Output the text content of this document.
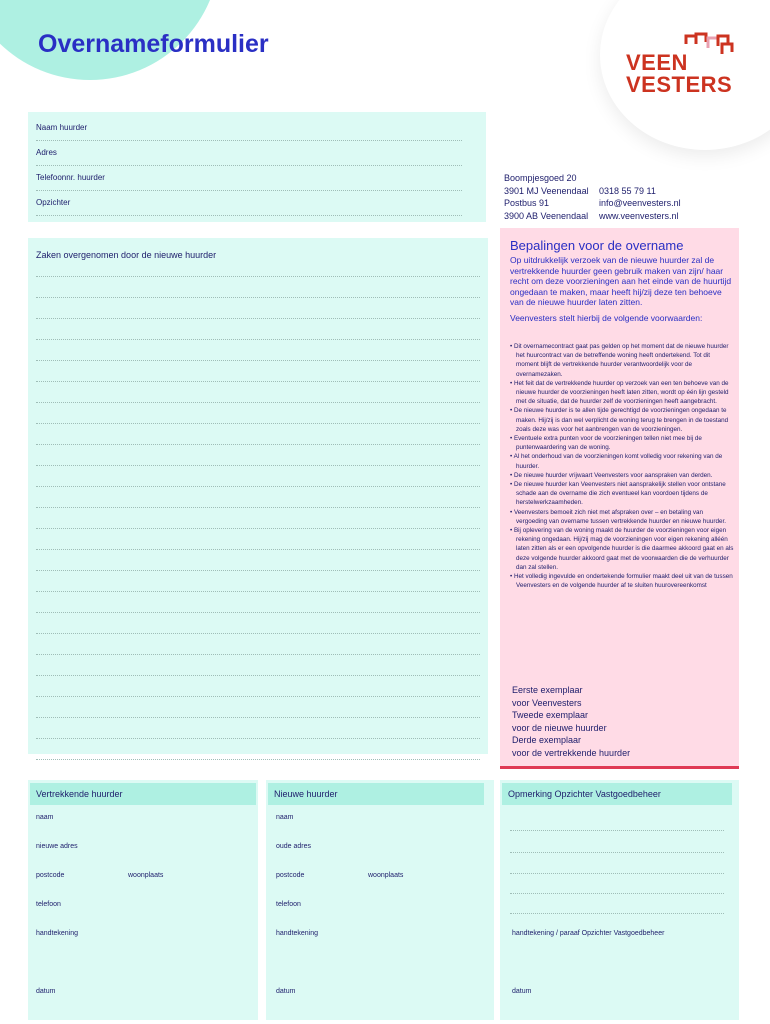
Overnameformulier
VEEN
VESTERS
Naam huurder
Adres
Telefoonnr. huurder
Opzichter
Boompjesgoed 20
3901 MJ Veenendaal
Postbus 91
3900 AB Veenendaal
0318 55 79 11
info@veenvesters.nl
www.veenvesters.nl
Zaken overgenomen door de nieuwe huurder
Bepalingen voor de overname
Op uitdrukkelijk verzoek van de nieuwe huurder zal de vertrekkende huurder geen gebruik maken van zijn/ haar recht om deze voorzieningen aan het einde van de huurtijd ongedaan te maken, maar heeft hij/zij deze ten behoeve van de nieuwe huurder laten zitten.
Veenvesters stelt hierbij de volgende voorwaarden:
• Dit overnamecontract gaat pas gelden op het moment dat de nieuwe huurder het huurcontract van de betreffende woning heeft ondertekend. Tot dit moment blijft de vertrekkende huurder verantwoordelijk voor de overnamezaken.
• Het feit dat de vertrekkende huurder op verzoek van een ten behoeve van de nieuwe huurder de voorzieningen heeft laten zitten, wordt op één lijn gesteld met de situatie, dat de huurder zelf de voorzieningen heeft aangebracht.
• De nieuwe huurder is te allen tijde gerechtigd de voorzieningen ongedaan te maken. Hij/zij is dan wel verplicht de woning terug te brengen in de toestand zoals deze was voor het aanbrengen van de voorzieningen.
• Eventuele extra punten voor de voorzieningen tellen niet mee bij de puntenwaardering van de woning.
• Al het onderhoud van de voorzieningen komt volledig voor rekening van de huurder.
• De nieuwe huurder vrijwaart Veenvesters voor aanspraken van derden.
• De nieuwe huurder kan Veenvesters niet aansprakelijk stellen voor ontstane schade aan de overname die zich eventueel kan voordoen tijdens de herstelwerkzaamheden.
• Veenvesters bemoeit zich niet met afspraken over – en betaling van vergoeding van overname tussen vertrekkende huurder en nieuwe huurder.
• Bij oplevering van de woning maakt de huurder de voorzieningen voor eigen rekening ongedaan. Hij/zij mag de voorzieningen voor eigen rekening alléén laten zitten als er een opvolgende huurder is die daarmee akkoord gaat en als deze volgende huurder akkoord gaat met de voorwaarden die de verhuurder dan zal stellen.
• Het volledig ingevulde en ondertekende formulier maakt deel uit van de tussen Veenvesters en de volgende huurder af te sluiten huurovereenkomst
Eerste exemplaar
voor Veenvesters
Tweede exemplaar
voor de nieuwe huurder
Derde exemplaar
voor de vertrekkende huurder
Vertrekkende huurder
naam
nieuwe adres
postcode	woonplaats
telefoon
handtekening
datum
Nieuwe huurder
naam
oude adres
postcode	woonplaats
telefoon
handtekening
datum
Opmerking Opzichter Vastgoedbeheer
handtekening / paraaf Opzichter Vastgoedbeheer
datum
